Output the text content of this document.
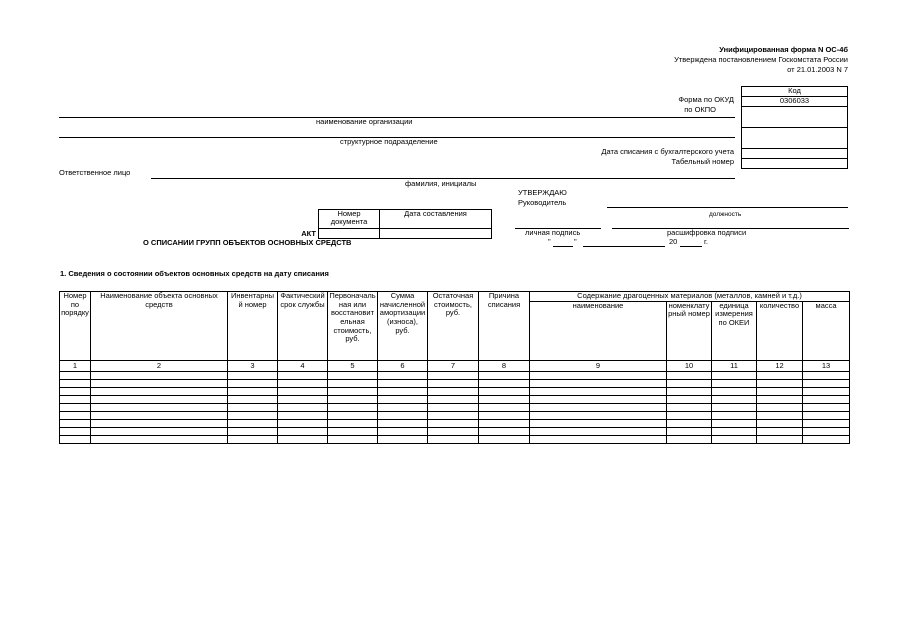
Унифицированная форма N ОС-4б
Утверждена постановлением Госкомстата России
от 21.01.2003 N 7
Код
0306033

Форма по ОКУД
по ОКПО
наименование организации
структурное подразделение
Дата списания с бухгалтерского учета
Табельный номер
Ответственное лицо
фамилия, инициалы
УТВЕРЖДАЮ
Руководитель
должность
личная подпись	расшифровка подписи
"	"	20	г.
Номер документа	Дата составления

АКТ
О СПИСАНИИ ГРУПП ОБЪЕКТОВ ОСНОВНЫХ СРЕДСТВ
1. Сведения о состоянии объектов основных средств на дату списания
Номер по порядку	Наименование объекта основных средств	Инвентарный номер	Фактический срок службы	Первоначальная или восстановительная стоимость, руб.	Сумма начисленной амортизации (износа), руб.	Остаточная стоимость, руб.	Причина списания	Содержание драгоценных материалов (металлов, камней и т.д.)				
								наименование	номенклатурный номер	единица измерения по ОКЕИ	количество	масса
1	2	3	4	5	6	7	8	9	10	11	12	13
